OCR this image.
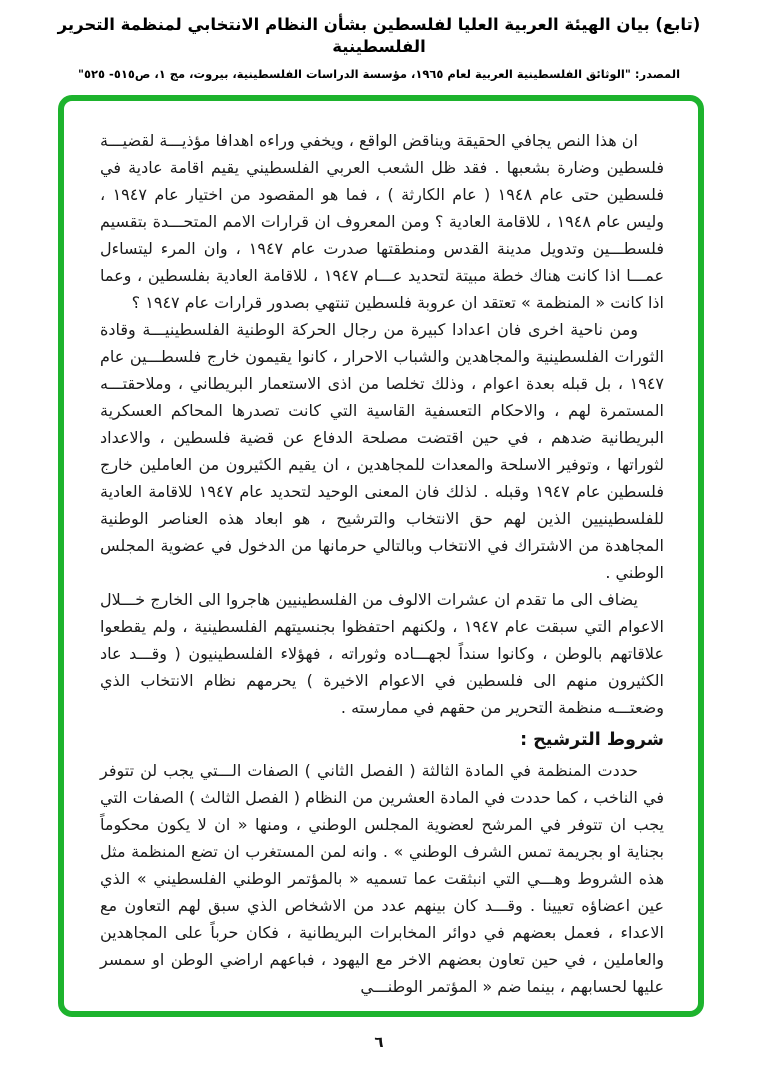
(تابع) بيان الهيئة العربية العليا لفلسطين بشأن النظام الانتخابي لمنظمة التحرير الفلسطينية
المصدر: "الوثائق الفلسطينية العربية لعام ١٩٦٥، مؤسسة الدراسات الفلسطينية، بيروت، مج ١، ص٥١٥- ٥٢٥"

ان هذا النص يجافي الحقيقة ويناقض الواقع ، ويخفي وراءه اهدافا مؤذيـــة لقضيـــة فلسطين وضارة بشعبها . فقد ظل الشعب العربي الفلسطيني يقيم اقامة عادية في فلسطين حتى عام ١٩٤٨ ( عام الكارثة ) ، فما هو المقصود من اختيار عام ١٩٤٧ ، وليس عام ١٩٤٨ ، للاقامة العادية ؟ ومن المعروف ان قرارات الامم المتحـــدة بتقسيم فلسطـــين وتدويل مدينة القدس ومنطقتها صدرت عام ١٩٤٧ ، وان المرء ليتساءل عمـــا اذا كانت هناك خطة مبيتة لتحديد عـــام ١٩٤٧ ، للاقامة العادية بفلسطين ، وعما اذا كانت « المنظمة » تعتقد ان عروبة فلسطين تنتهي بصدور قرارات عام ١٩٤٧ ؟

ومن ناحية اخرى فان اعدادا كبيرة من رجال الحركة الوطنية الفلسطينيـــة وقادة الثورات الفلسطينية والمجاهدين والشباب الاحرار ، كانوا يقيمون خارج فلسطـــين عام ١٩٤٧ ، بل قبله بعدة اعوام ، وذلك تخلصا من اذى الاستعمار البريطاني ، وملاحقتـــه المستمرة لهم ، والاحكام التعسفية القاسية التي كانت تصدرها المحاكم العسكرية البريطانية ضدهم ، في حين اقتضت مصلحة الدفاع عن قضية فلسطين ، والاعداد لثوراتها ، وتوفير الاسلحة والمعدات للمجاهدين ، ان يقيم الكثيرون من العاملين خارج فلسطين عام ١٩٤٧ وقبله . لذلك فان المعنى الوحيد لتحديد عام ١٩٤٧ للاقامة العادية للفلسطينيين الذين لهم حق الانتخاب والترشيح ، هو ابعاد هذه العناصر الوطنية المجاهدة من الاشتراك في الانتخاب وبالتالي حرمانها من الدخول في عضوية المجلس الوطني .

يضاف الى ما تقدم ان عشرات الالوف من الفلسطينيين هاجروا الى الخارج خـــلال الاعوام التي سبقت عام ١٩٤٧ ، ولكنهم احتفظوا بجنسيتهم الفلسطينية ، ولم يقطعوا علاقاتهم بالوطن ، وكانوا سنداً لجهـــاده وثوراته ، فهؤلاء الفلسطينيون ( وقـــد عاد الكثيرون منهم الى فلسطين في الاعوام الاخيرة ) يحرمهم نظام الانتخاب الذي وضعتـــه منظمة التحرير من حقهم في ممارسته .

شروط الترشيح :

حددت المنظمة في المادة الثالثة ( الفصل الثاني ) الصفات الـــتي يجب لن تتوفر في الناخب ، كما حددت في المادة العشرين من النظام ( الفصل الثالث ) الصفات التي يجب ان تتوفر في المرشح لعضوية المجلس الوطني ، ومنها « ان لا يكون محكوماً بجناية او بجريمة تمس الشرف الوطني » . وانه لمن المستغرب ان تضع المنظمة مثل هذه الشروط وهـــي التي انبثقت عما تسميه « بالمؤتمر الوطني الفلسطيني » الذي عين اعضاؤه تعيينا . وقـــد كان بينهم عدد من الاشخاص الذي سبق لهم التعاون مع الاعداء ، فعمل بعضهم في دوائر المخابرات البريطانية ، فكان حرباً على المجاهدين والعاملين ، في حين تعاون بعضهم الاخر مع اليهود ، فباعهم اراضي الوطن او سمسر عليها لحسابهم ، بينما ضم « المؤتمر الوطنـــي

٦
